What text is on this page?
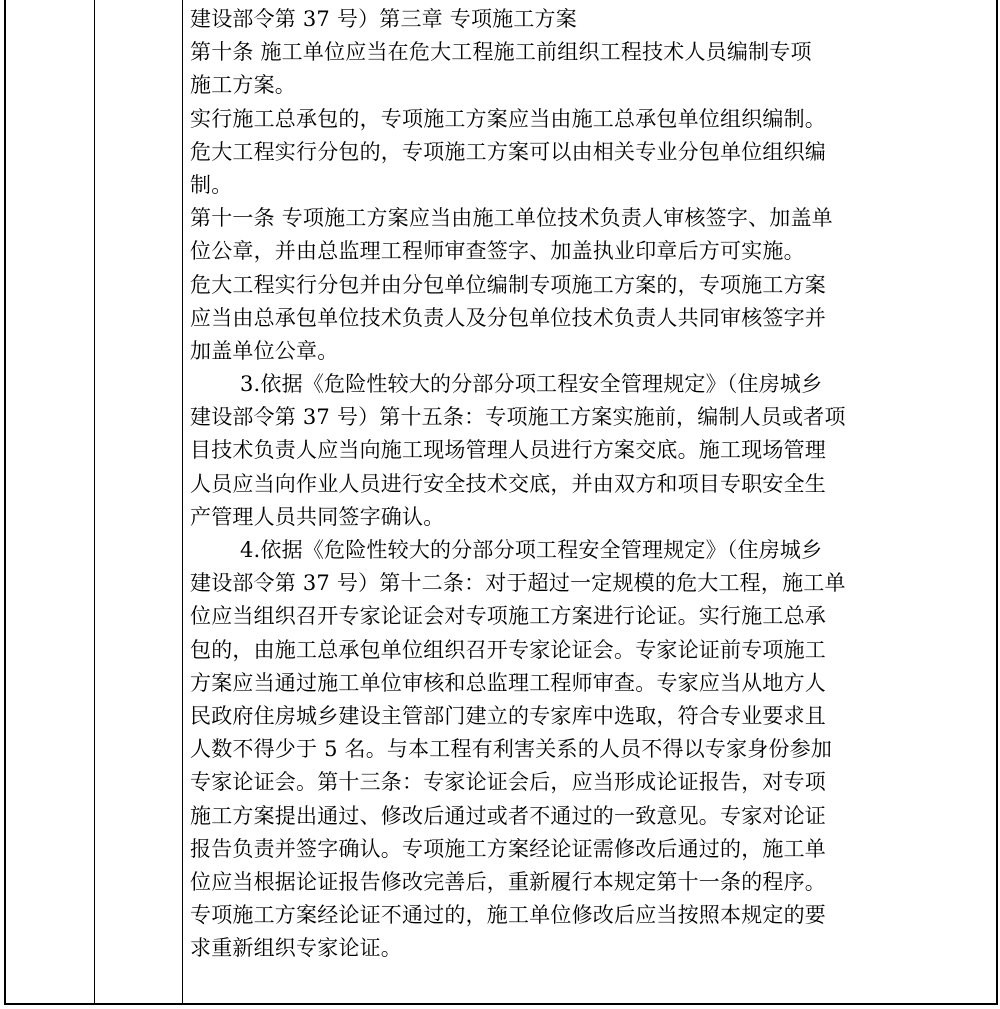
建设部令第 37 号）第三章 专项施工方案
第十条 施工单位应当在危大工程施工前组织工程技术人员编制专项
施工方案。
实行施工总承包的，专项施工方案应当由施工总承包单位组织编制。
危大工程实行分包的，专项施工方案可以由相关专业分包单位组织编
制。
第十一条 专项施工方案应当由施工单位技术负责人审核签字、加盖单
位公章，并由总监理工程师审查签字、加盖执业印章后方可实施。
危大工程实行分包并由分包单位编制专项施工方案的，专项施工方案
应当由总承包单位技术负责人及分包单位技术负责人共同审核签字并
加盖单位公章。
3.依据《危险性较大的分部分项工程安全管理规定》（住房城乡
建设部令第 37 号）第十五条：专项施工方案实施前，编制人员或者项
目技术负责人应当向施工现场管理人员进行方案交底。施工现场管理
人员应当向作业人员进行安全技术交底，并由双方和项目专职安全生
产管理人员共同签字确认。
4.依据《危险性较大的分部分项工程安全管理规定》（住房城乡
建设部令第 37 号）第十二条：对于超过一定规模的危大工程，施工单
位应当组织召开专家论证会对专项施工方案进行论证。实行施工总承
包的，由施工总承包单位组织召开专家论证会。专家论证前专项施工
方案应当通过施工单位审核和总监理工程师审查。专家应当从地方人
民政府住房城乡建设主管部门建立的专家库中选取，符合专业要求且
人数不得少于 5 名。与本工程有利害关系的人员不得以专家身份参加
专家论证会。第十三条：专家论证会后，应当形成论证报告，对专项
施工方案提出通过、修改后通过或者不通过的一致意见。专家对论证
报告负责并签字确认。专项施工方案经论证需修改后通过的，施工单
位应当根据论证报告修改完善后，重新履行本规定第十一条的程序。
专项施工方案经论证不通过的，施工单位修改后应当按照本规定的要
求重新组织专家论证。
